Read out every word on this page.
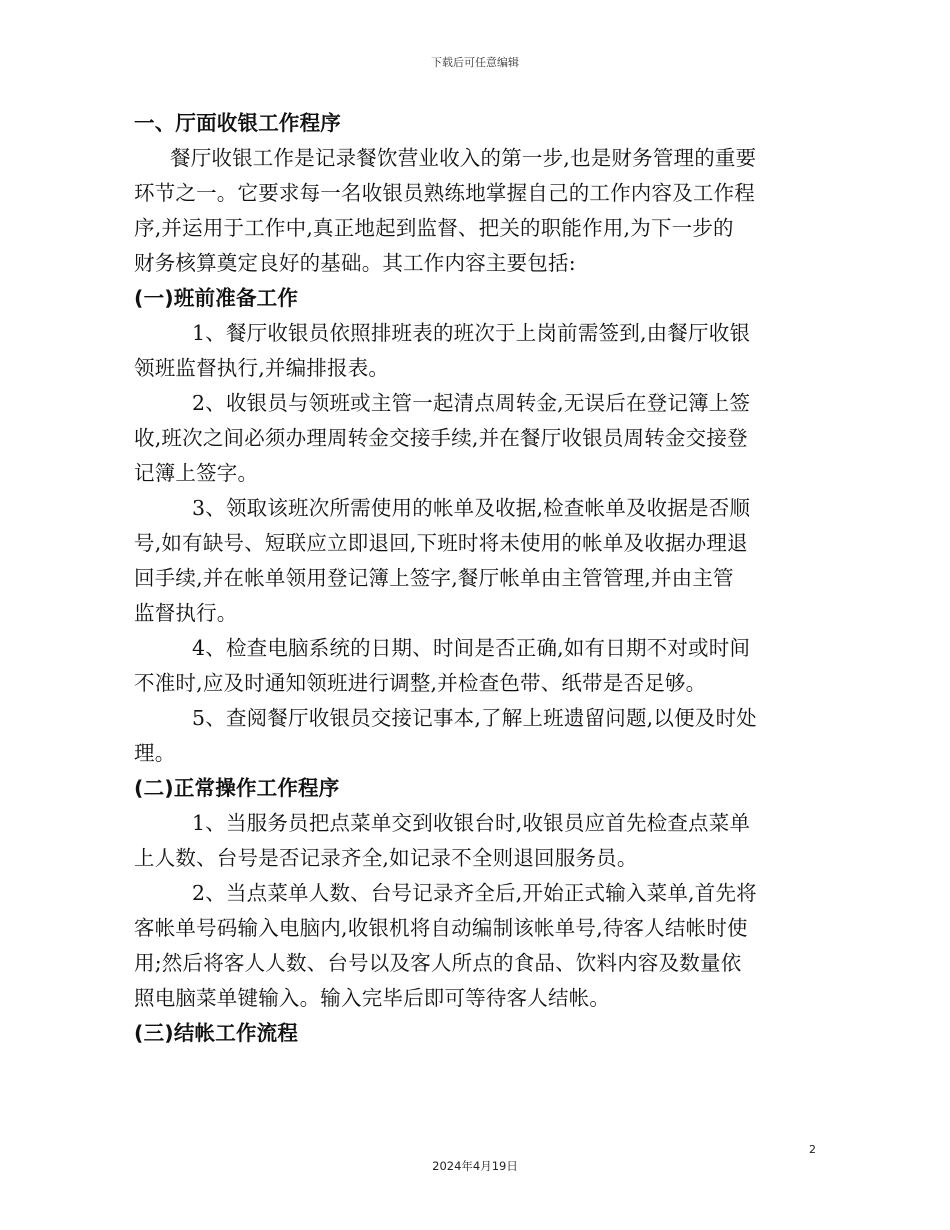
下载后可任意编辑
一、厅面收银工作程序
餐厅收银工作是记录餐饮营业收入的第一步,也是财务管理的重要
环节之一。它要求每一名收银员熟练地掌握自己的工作内容及工作程
序,并运用于工作中,真正地起到监督、把关的职能作用,为下一步的
财务核算奠定良好的基础。其工作内容主要包括:
(一)班前准备工作
1、餐厅收银员依照排班表的班次于上岗前需签到,由餐厅收银
领班监督执行,并编排报表。
2、收银员与领班或主管一起清点周转金,无误后在登记簿上签
收,班次之间必须办理周转金交接手续,并在餐厅收银员周转金交接登
记簿上签字。
3、领取该班次所需使用的帐单及收据,检查帐单及收据是否顺
号,如有缺号、短联应立即退回,下班时将未使用的帐单及收据办理退
回手续,并在帐单领用登记簿上签字,餐厅帐单由主管管理,并由主管
监督执行。
4、检查电脑系统的日期、时间是否正确,如有日期不对或时间
不准时,应及时通知领班进行调整,并检查色带、纸带是否足够。
5、查阅餐厅收银员交接记事本,了解上班遗留问题,以便及时处
理。
(二)正常操作工作程序
1、当服务员把点菜单交到收银台时,收银员应首先检查点菜单
上人数、台号是否记录齐全,如记录不全则退回服务员。
2、当点菜单人数、台号记录齐全后,开始正式输入菜单,首先将
客帐单号码输入电脑内,收银机将自动编制该帐单号,待客人结帐时使
用;然后将客人人数、台号以及客人所点的食品、饮料内容及数量依
照电脑菜单键输入。输入完毕后即可等待客人结帐。
(三)结帐工作流程
2
2024年4月19日
